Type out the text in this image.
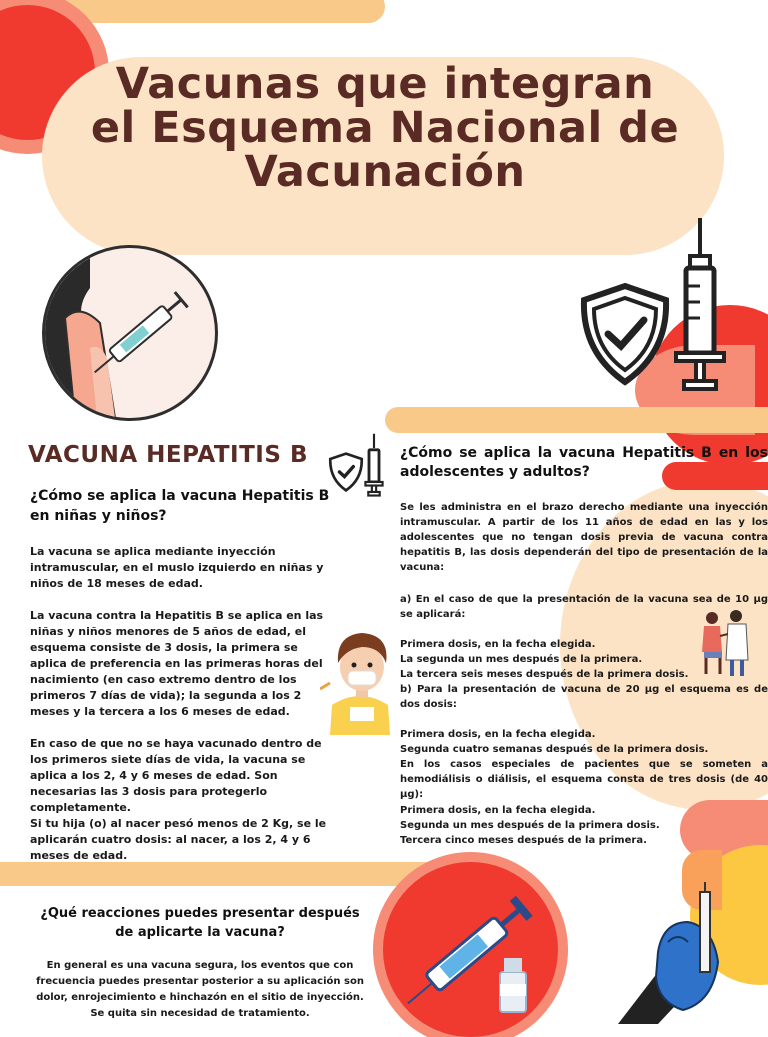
Vacunas que integran el Esquema Nacional de Vacunación
VACUNA HEPATITIS B
¿Cómo se aplica la vacuna Hepatitis B en niñas y niños?
La vacuna se aplica mediante inyección intramuscular, en el muslo izquierdo en niñas y niños de 18 meses de edad.
La vacuna contra la Hepatitis B se aplica en las niñas y niños menores de 5 años de edad, el esquema consiste de 3 dosis, la primera se aplica de preferencia en las primeras horas del nacimiento (en caso extremo dentro de los primeros 7 días de vida); la segunda a los 2 meses y la tercera a los 6 meses de edad.
En caso de que no se haya vacunado dentro de los primeros siete días de vida, la vacuna se aplica a los 2, 4 y 6 meses de edad. Son necesarias las 3 dosis para protegerlo completamente.
Si tu hija (o) al nacer pesó menos de 2 Kg, se le aplicarán cuatro dosis: al nacer, a los 2, 4 y 6 meses de edad.
¿Cómo se aplica la vacuna Hepatitis B en los adolescentes y adultos?
Se les administra en el brazo derecho mediante una inyección intramuscular. A partir de los 11 años de edad en las y los adolescentes que no tengan dosis previa de vacuna contra hepatitis B, las dosis dependerán del tipo de presentación de la vacuna:
a) En el caso de que la presentación de la vacuna sea de 10 µg se aplicará:
Primera dosis, en la fecha elegida.
La segunda un mes después de la primera.
La tercera seis meses después de la primera dosis.
b) Para la presentación de vacuna de 20 µg el esquema es de dos dosis:
Primera dosis, en la fecha elegida.
Segunda cuatro semanas después de la primera dosis.
En los casos especiales de pacientes que se someten a hemodiálisis o diálisis, el esquema consta de tres dosis (de 40 µg):
Primera dosis, en la fecha elegida.
Segunda un mes después de la primera dosis.
Tercera cinco meses después de la primera.
¿Qué reacciones puedes presentar después de aplicarte la vacuna?
En general es una vacuna segura, los eventos que con frecuencia puedes presentar posterior a su aplicación son dolor, enrojecimiento e hinchazón en el sitio de inyección. Se quita sin necesidad de tratamiento.
